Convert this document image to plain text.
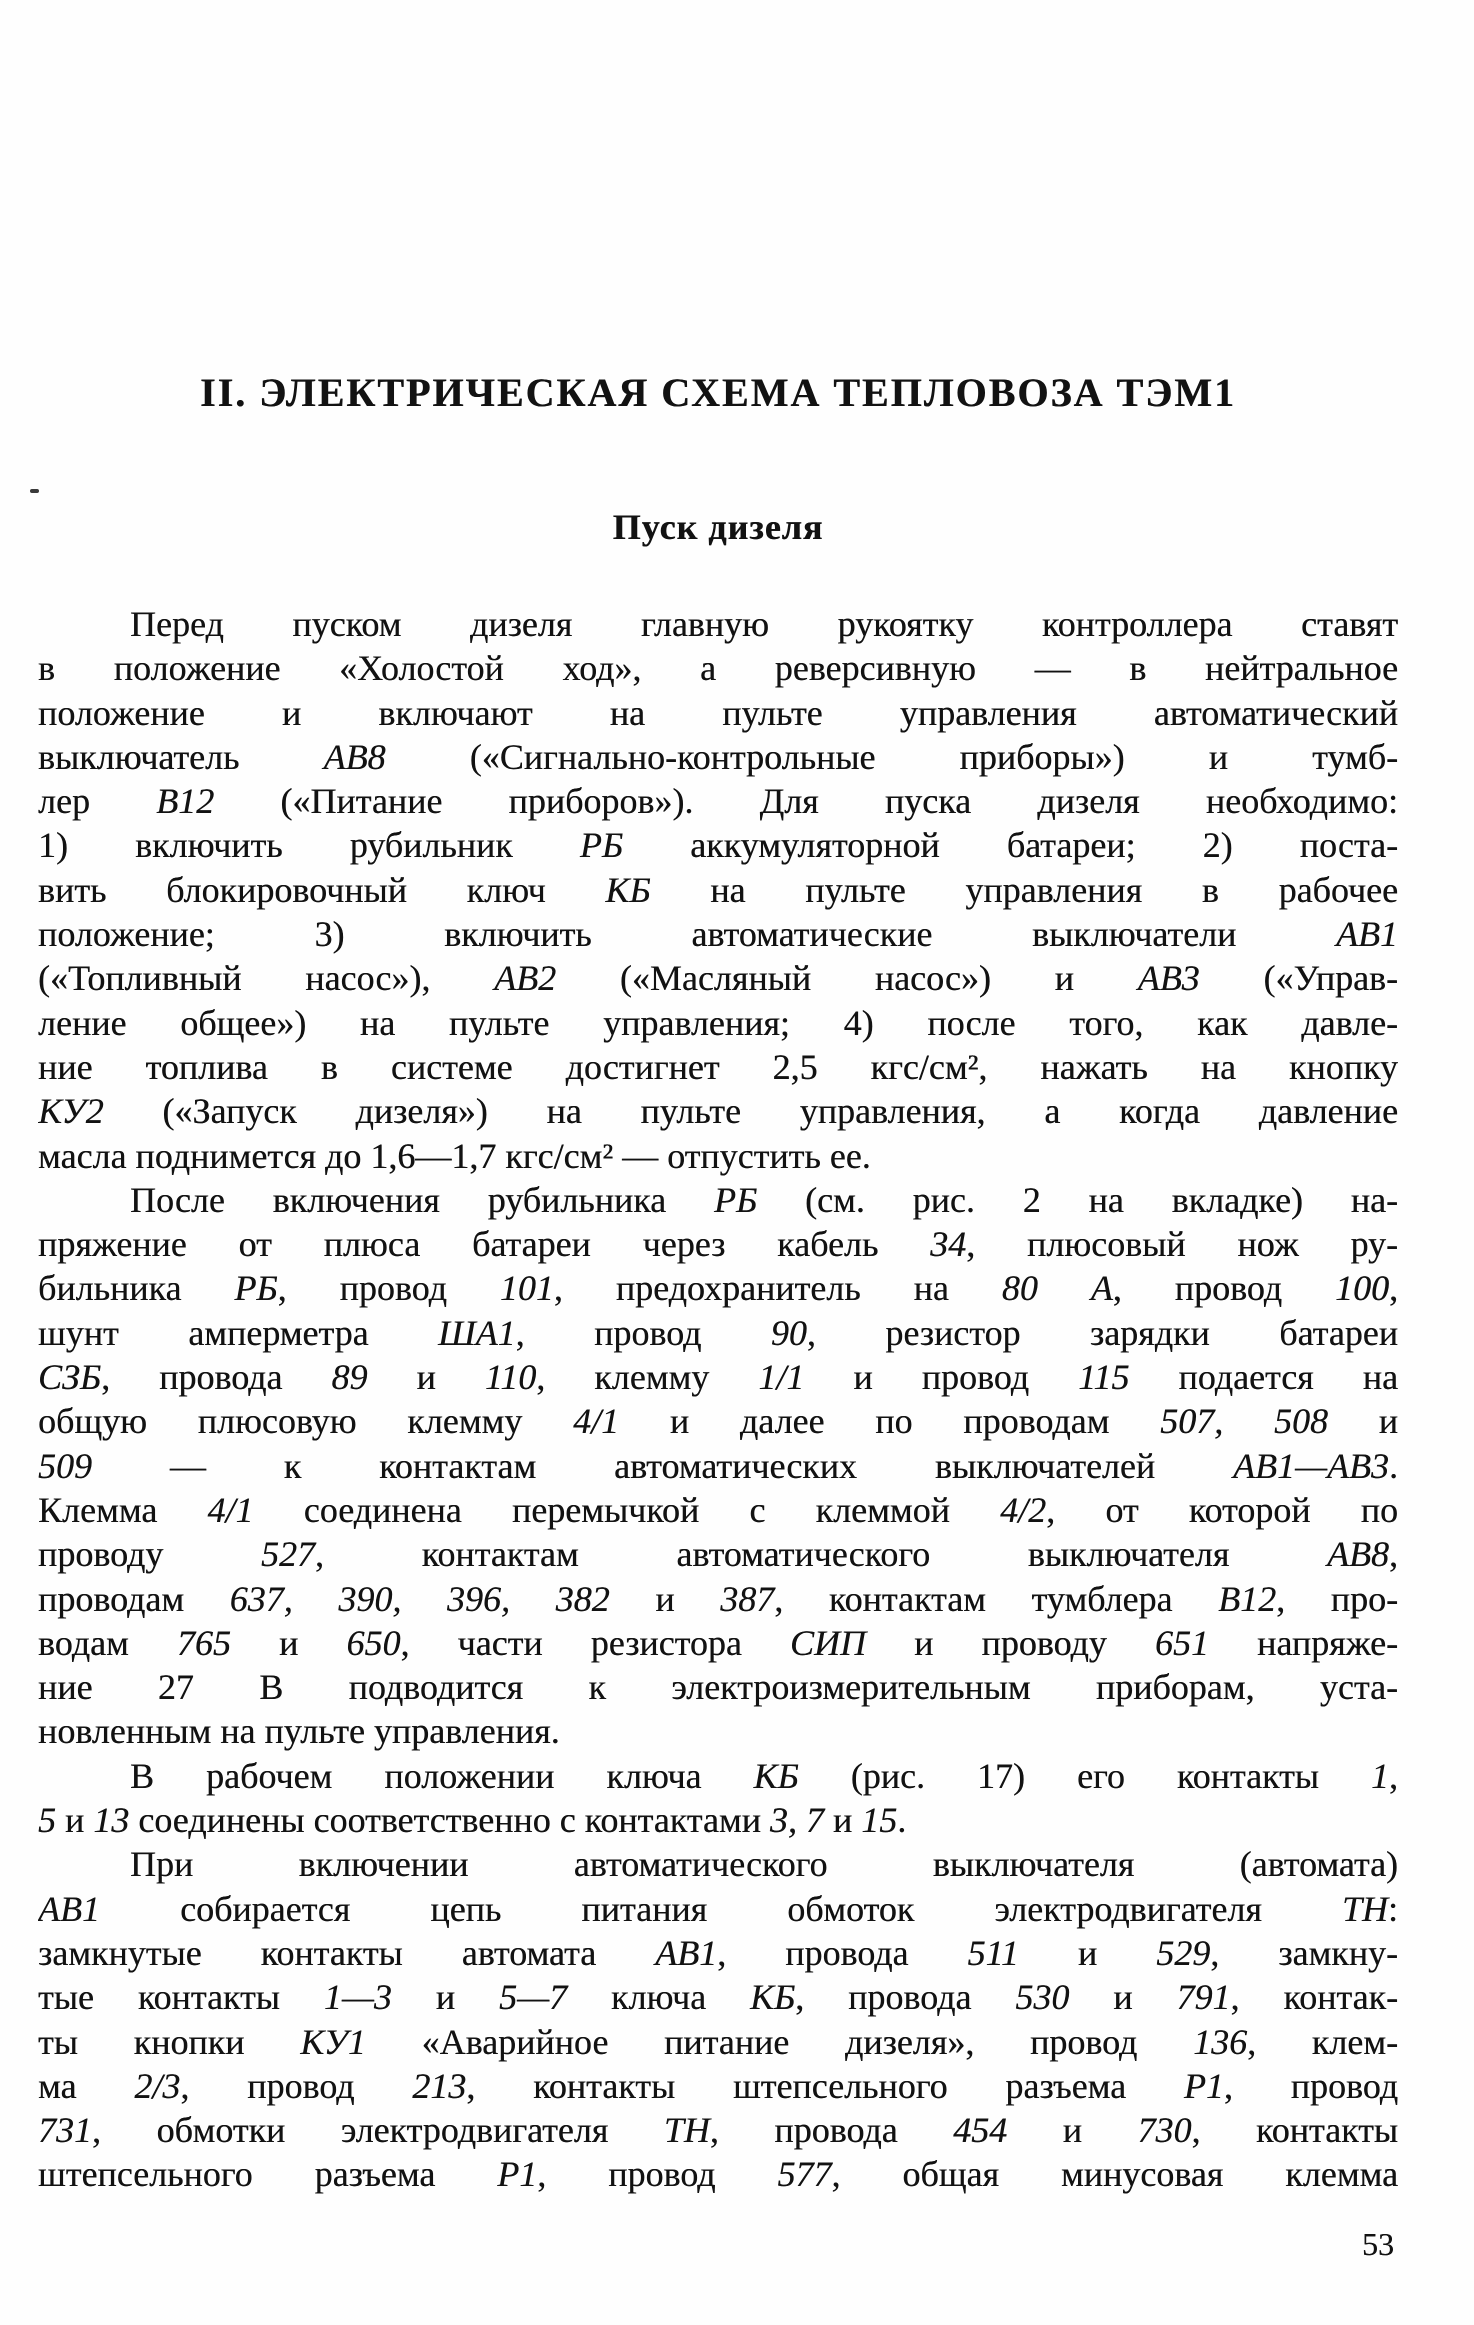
II. ЭЛЕКТРИЧЕСКАЯ СХЕМА ТЕПЛОВОЗА ТЭМ1
Пуск дизеля
Перед пуском дизеля главную рукоятку контроллера ставят
в положение «Холостой ход», а реверсивную — в нейтральное
положение и включают на пульте управления автоматический
выключатель АВ8 («Сигнально-контрольные приборы») и тумб-
лер В12 («Питание приборов»). Для пуска дизеля необходимо:
1) включить рубильник РБ аккумуляторной батареи; 2) поста-
вить блокировочный ключ КБ на пульте управления в рабочее
положение; 3) включить автоматические выключатели АВ1
(«Топливный насос»), АВ2 («Масляный насос») и АВ3 («Управ-
ление общее») на пульте управления; 4) после того, как давле-
ние топлива в системе достигнет 2,5 кгс/см², нажать на кнопку
КУ2 («Запуск дизеля») на пульте управления, а когда давление
масла поднимется до 1,6—1,7 кгс/см² — отпустить ее.
После включения рубильника РБ (см. рис. 2 на вкладке) на-
пряжение от плюса батареи через кабель 34, плюсовый нож ру-
бильника РБ, провод 101, предохранитель на 80 А, провод 100,
шунт амперметра ША1, провод 90, резистор зарядки батареи
СЗБ, провода 89 и 110, клемму 1/1 и провод 115 подается на
общую плюсовую клемму 4/1 и далее по проводам 507, 508 и
509 — к контактам автоматических выключателей АВ1—АВ3.
Клемма 4/1 соединена перемычкой с клеммой 4/2, от которой по
проводу 527, контактам автоматического выключателя АВ8,
проводам 637, 390, 396, 382 и 387, контактам тумблера В12, про-
водам 765 и 650, части резистора СИП и проводу 651 напряже-
ние 27 В подводится к электроизмерительным приборам, уста-
новленным на пульте управления.
В рабочем положении ключа КБ (рис. 17) его контакты 1,
5 и 13 соединены соответственно с контактами 3, 7 и 15.
При включении автоматического выключателя (автомата)
АВ1 собирается цепь питания обмоток электродвигателя ТН:
замкнутые контакты автомата АВ1, провода 511 и 529, замкну-
тые контакты 1—3 и 5—7 ключа КБ, провода 530 и 791, контак-
ты кнопки КУ1 «Аварийное питание дизеля», провод 136, клем-
ма 2/3, провод 213, контакты штепсельного разъема Р1, провод
731, обмотки электродвигателя ТН, провода 454 и 730, контакты
штепсельного разъема Р1, провод 577, общая минусовая клемма
53
